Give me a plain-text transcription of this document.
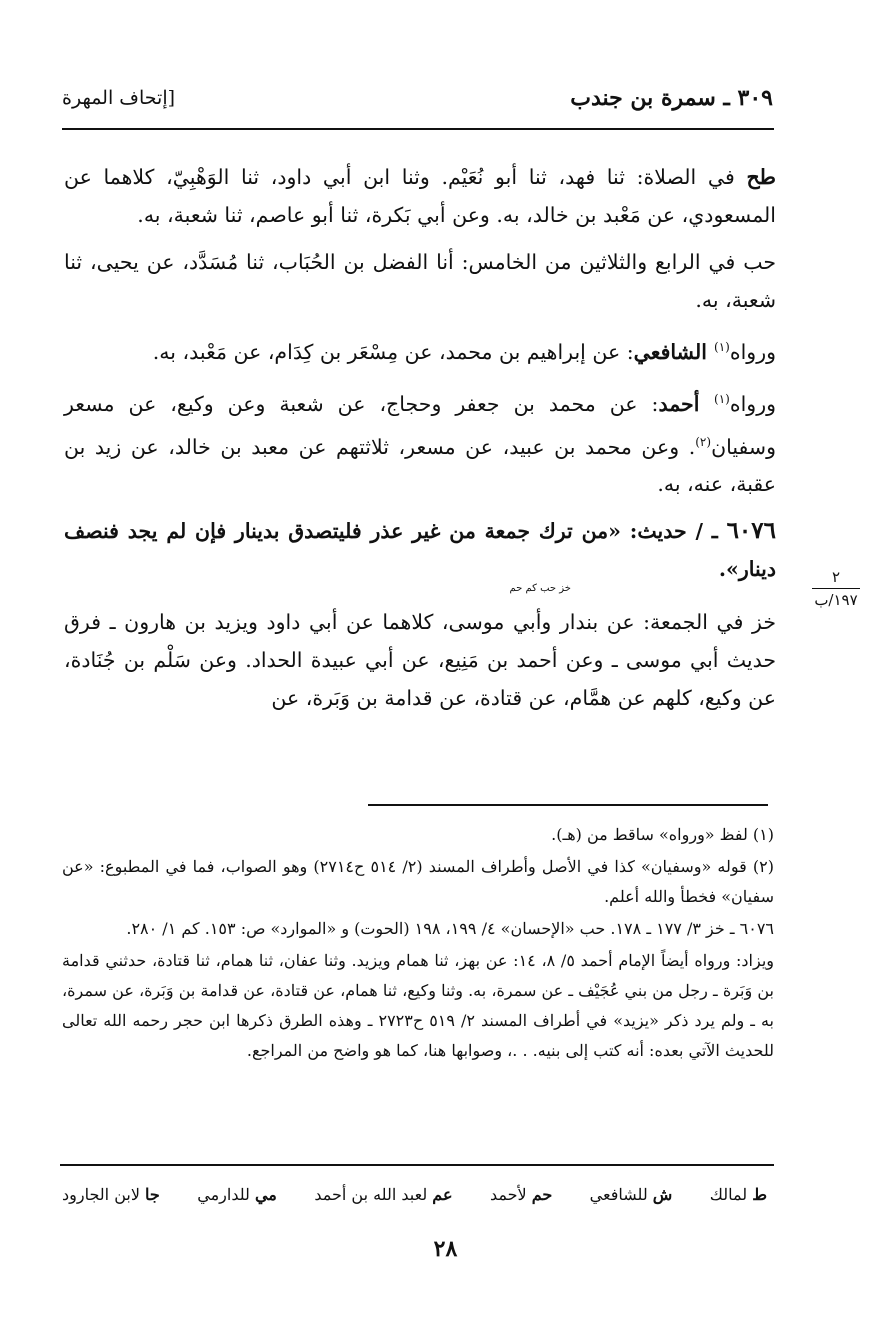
٣٠٩ ـ سمرة بن جندب
[إتحاف المهرة
٢
١٩٧/ب

طح في الصلاة: ثنا فهد، ثنا أبو نُعَيْم. وثنا ابن أبي داود، ثنا الوَهْبِيّ، كلاهما عن المسعودي، عن مَعْبد بن خالد، به. وعن أبي بَكرة، ثنا أبو عاصم، ثنا شعبة، به.

حب في الرابع والثلاثين من الخامس: أنا الفضل بن الحُبَاب، ثنا مُسَدَّد، عن يحيى، ثنا شعبة، به.

ورواه$^{(١)}$ الشافعي: عن إبراهيم بن محمد، عن مِسْعَر بن كِدَام، عن مَعْبد، به.

ورواه$^{(١)}$ أحمد: عن محمد بن جعفر وحجاج، عن شعبة وعن وكيع، عن مسعر وسفيان$^{(٢)}$. وعن محمد بن عبيد، عن مسعر، ثلاثتهم عن معبد بن خالد، عن زيد بن عقبة، عنه، به.

٦٠٧٦ ـ / حديث: «من ترك جمعة من غير عذر فليتصدق بدينار فإن لم يجد فنصف دينار».
خز حب كم حم

خز في الجمعة: عن بندار وأبي موسى، كلاهما عن أبي داود ويزيد بن هارون ـ فرق حديث أبي موسى ـ وعن أحمد بن مَنِيع، عن أبي عبيدة الحداد. وعن سَلْم بن جُنَادة، عن وكيع، كلهم عن همَّام، عن قتادة، عن قدامة بن وَبَرة، عن

(١) لفظ «ورواه» ساقط من (هـ).

(٢) قوله «وسفيان» كذا في الأصل وأطراف المسند (٢/ ٥١٤ ح٢٧١٤) وهو الصواب، فما في المطبوع: «عن سفيان» فخطأ والله أعلم.

٦٠٧٦ ـ خز ٣/ ١٧٧ ـ ١٧٨. حب «الإحسان» ٤/ ١٩٩، ١٩٨ (الحوت) و «الموارد» ص: ١٥٣. كم ١/ ٢٨٠.

ويزاد: ورواه أيضاً الإمام أحمد ٥/ ٨، ١٤: عن بهز، ثنا همام ويزيد. وثنا عفان، ثنا همام، ثنا قتادة، حدثني قدامة بن وَبَرة ـ رجل من بني عُجَيْف ـ عن سمرة، به. وثنا وكيع، ثنا همام، عن قتادة، عن قدامة بن وَبَرة، عن سمرة، به ـ ولم يرد ذكر «يزيد» في أطراف المسند ٢/ ٥١٩ ح٢٧٢٣ ـ وهذه الطرق ذكرها ابن حجر رحمه الله تعالى للحديث الآتي بعده: أنه كتب إلى بنيه. . .، وصوابها هنا، كما هو واضح من المراجع.

ط لمالك
ش للشافعي
حم لأحمد
عم لعبد الله بن أحمد
مي للدارمي
جا لابن الجارود
٢٨
